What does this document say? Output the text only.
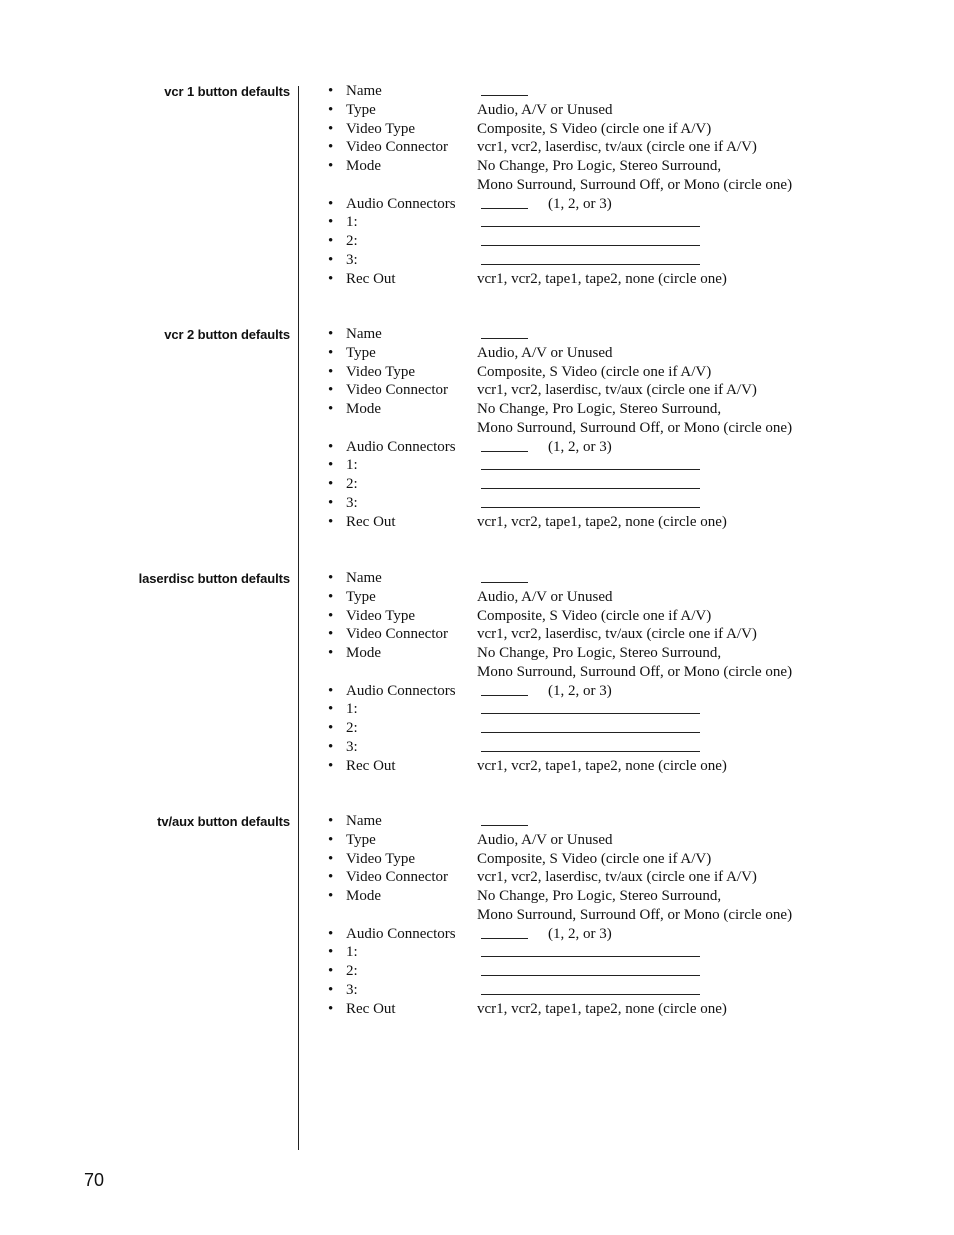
vcr 1 button defaults	• Name
• Type	Audio, A/V or Unused
• Video Type	Composite, S Video (circle one if A/V)
• Video Connector vcr1, vcr2, laserdisc, tv/aux (circle one if A/V)
• Mode	No Change, Pro Logic, Stereo Surround,
Mono Surround, Surround Off, or Mono (circle one)
• Audio Connectors	(1, 2, or 3)
• 1:
• 2:
• 3:
• Rec Out	vcr1, vcr2, tape1, tape2, none (circle one)
vcr 2 button defaults	• Name
• Type	Audio, A/V or Unused
• Video Type	Composite, S Video (circle one if A/V)
• Video Connector vcr1, vcr2, laserdisc, tv/aux (circle one if A/V)
• Mode	No Change, Pro Logic, Stereo Surround,
Mono Surround, Surround Off, or Mono (circle one)
• Audio Connectors	(1, 2, or 3)
• 1:
• 2:
• 3:
• Rec Out	vcr1, vcr2, tape1, tape2, none (circle one)
laserdisc button defaults	• Name
• Type	Audio, A/V or Unused
• Video Type	Composite, S Video (circle one if A/V)
• Video Connector vcr1, vcr2, laserdisc, tv/aux (circle one if A/V)
• Mode	No Change, Pro Logic, Stereo Surround,
Mono Surround, Surround Off, or Mono (circle one)
• Audio Connectors	(1, 2, or 3)
• 1:
• 2:
• 3:
• Rec Out	vcr1, vcr2, tape1, tape2, none (circle one)
tv/aux button defaults	• Name
• Type	Audio, A/V or Unused
• Video Type	Composite, S Video (circle one if A/V)
• Video Connector vcr1, vcr2, laserdisc, tv/aux (circle one if A/V)
• Mode	No Change, Pro Logic, Stereo Surround,
Mono Surround, Surround Off, or Mono (circle one)
• Audio Connectors	(1, 2, or 3)
• 1:
• 2:
• 3:
• Rec Out	vcr1, vcr2, tape1, tape2, none (circle one)
70
